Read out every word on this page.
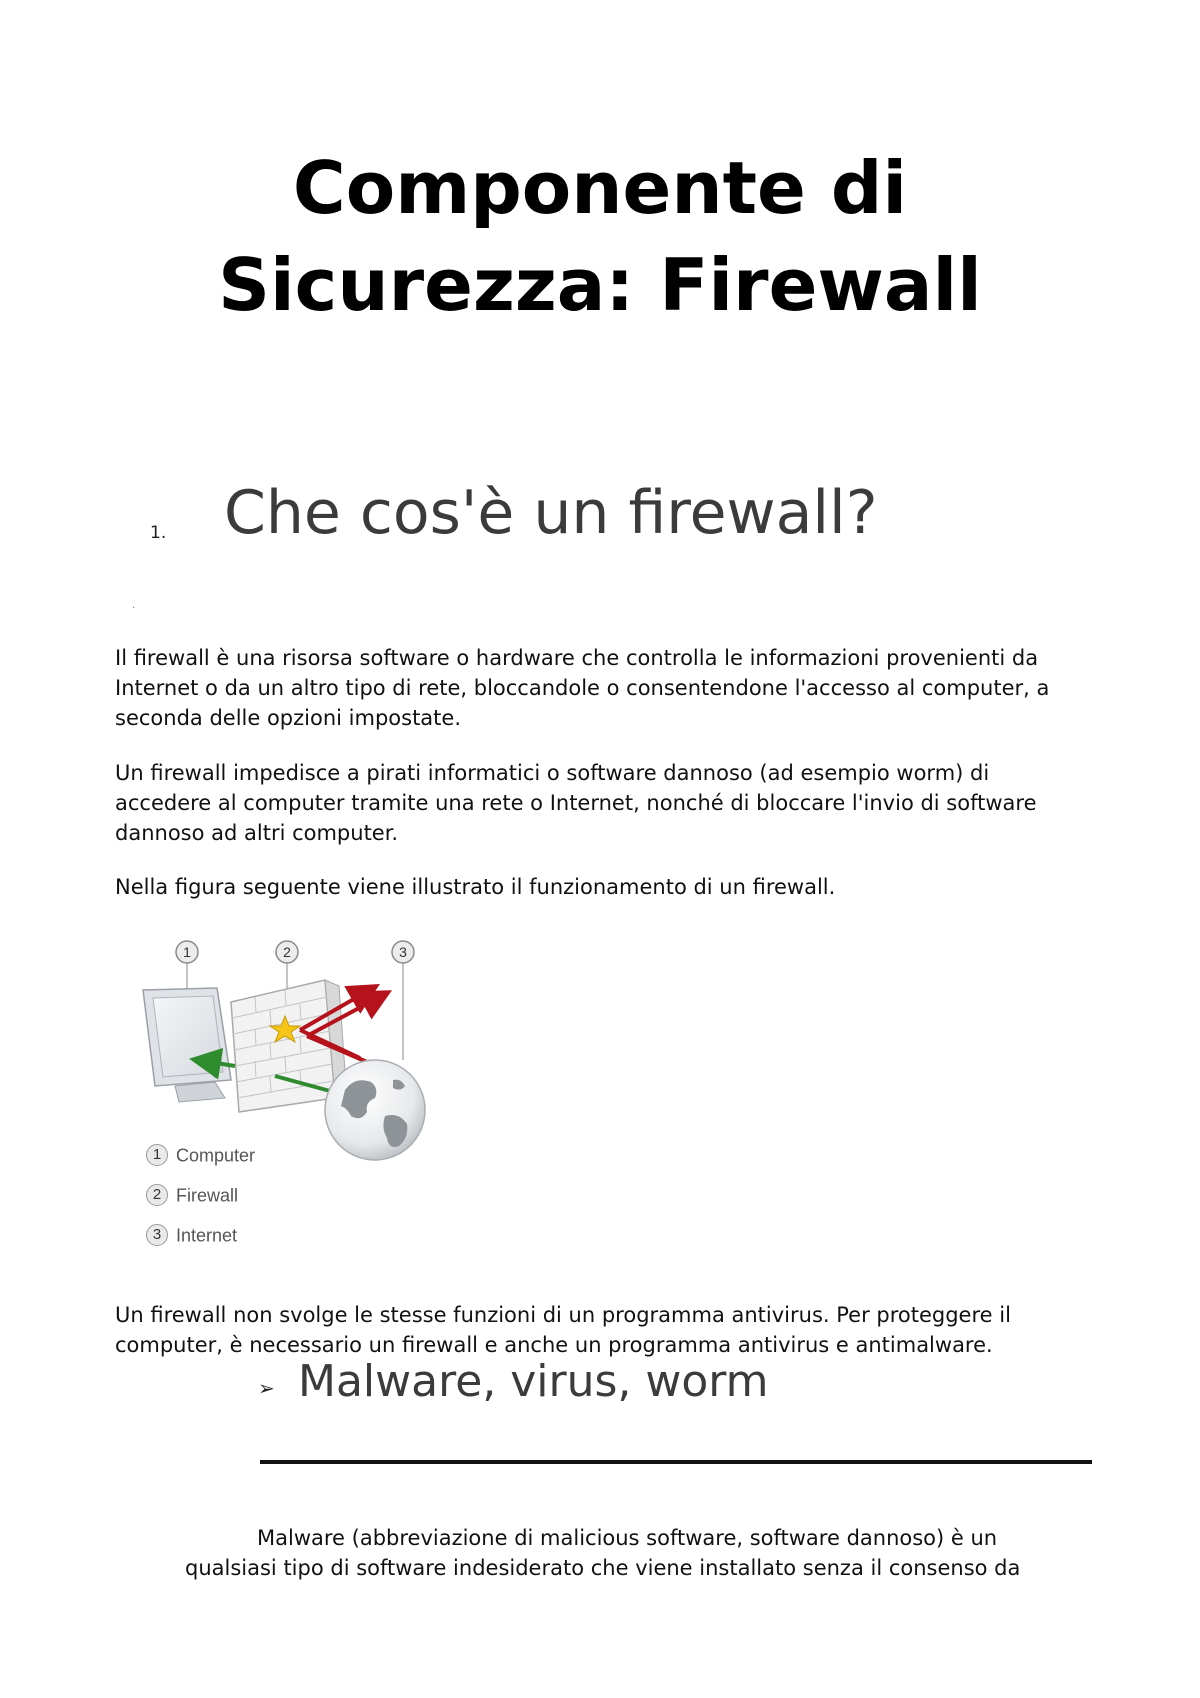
Componente di
Sicurezza: Firewall
1. Che cos'è un firewall?
·

Il firewall è una risorsa software o hardware che controlla le informazioni provenienti da Internet o da un altro tipo di rete, bloccandole o consentendone l'accesso al computer, a seconda delle opzioni impostate.

Un firewall impedisce a pirati informatici o software dannoso (ad esempio worm) di accedere al computer tramite una rete o Internet, nonché di bloccare l'invio di software dannoso ad altri computer.

Nella figura seguente viene illustrato il funzionamento di un firewall.

1	2	3
1 Computer
2 Firewall
3 Internet

Un firewall non svolge le stesse funzioni di un programma antivirus. Per proteggere il computer, è necessario un firewall e anche un programma antivirus e antimalware.

➢ Malware, virus, worm

Malware (abbreviazione di malicious software, software dannoso) è un qualsiasi tipo di software indesiderato che viene installato senza il consenso da
